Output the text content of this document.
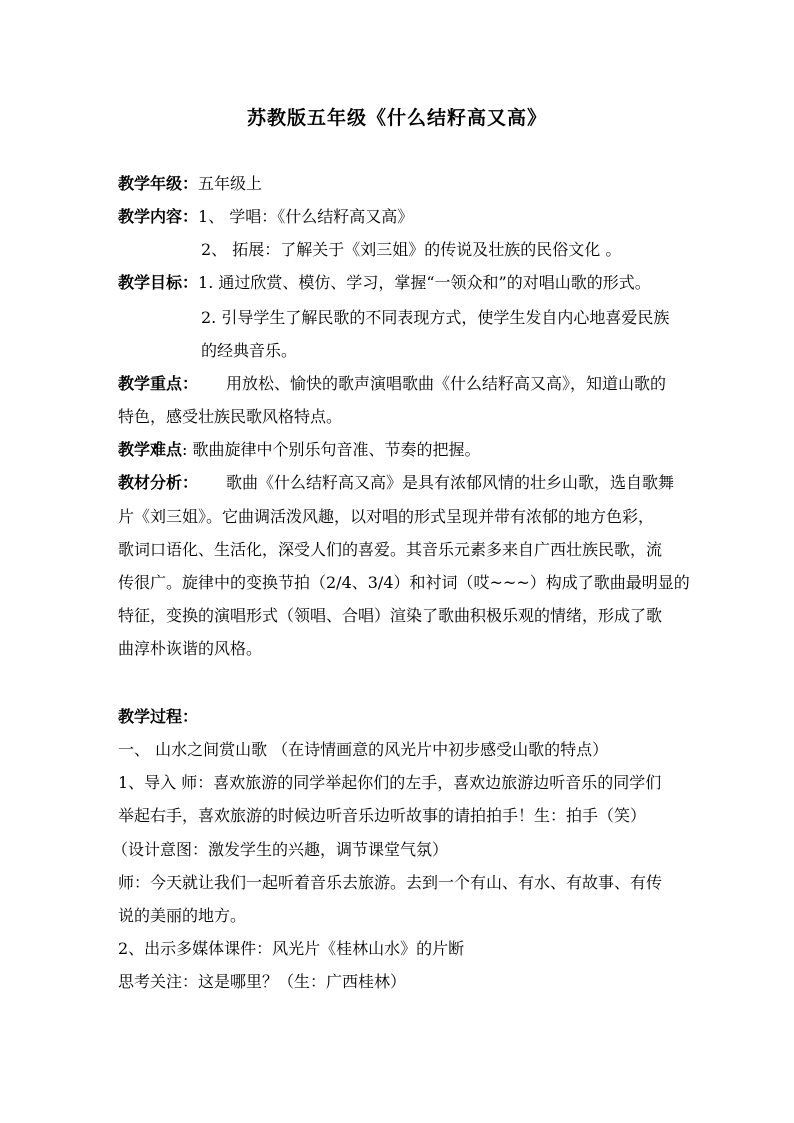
苏教版五年级《什么结籽高又高》
教学年级：五年级上
教学内容：1、 学唱：《什么结籽高又高》
2、 拓展：了解关于《刘三姐》的传说及壮族的民俗文化 。
教学目标：1. 通过欣赏、模仿、学习，掌握“一领众和”的对唱山歌的形式。
2. 引导学生了解民歌的不同表现方式，使学生发自内心地喜爱民族
的经典音乐。
教学重点： 用放松、愉快的歌声演唱歌曲《什么结籽高又高》，知道山歌的
特色，感受壮族民歌风格特点。
教学难点: 歌曲旋律中个别乐句音准、节奏的把握。
教材分析： 歌曲《什么结籽高又高》是具有浓郁风情的壮乡山歌，选自歌舞
片《刘三姐》。它曲调活泼风趣，以对唱的形式呈现并带有浓郁的地方色彩，
歌词口语化、生活化，深受人们的喜爱。其音乐元素多来自广西壮族民歌，流
传很广。旋律中的变换节拍（2/4、3/4）和衬词（哎~~~）构成了歌曲最明显的
特征，变换的演唱形式（领唱、合唱）渲染了歌曲积极乐观的情绪，形成了歌
曲淳朴诙谐的风格。
教学过程：
一、 山水之间赏山歌 （在诗情画意的风光片中初步感受山歌的特点）
1、导入 师：喜欢旅游的同学举起你们的左手，喜欢边旅游边听音乐的同学们
举起右手，喜欢旅游的时候边听音乐边听故事的请拍拍手！生：拍手（笑）
（设计意图：激发学生的兴趣，调节课堂气氛）
师：今天就让我们一起听着音乐去旅游。去到一个有山、有水、有故事、有传
说的美丽的地方。
2、出示多媒体课件：风光片《桂林山水》的片断
思考关注：这是哪里？（生：广西桂林）
